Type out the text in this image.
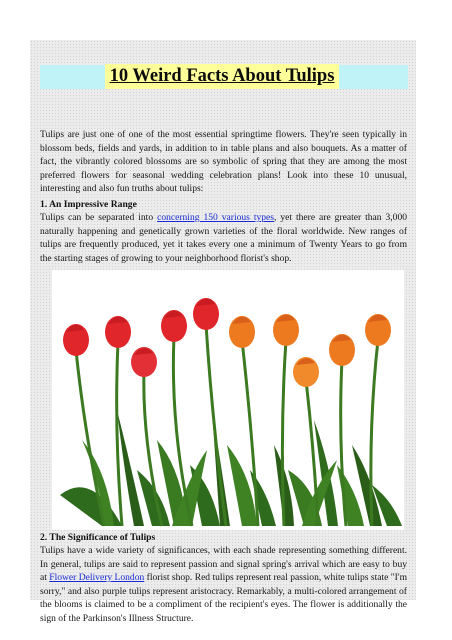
10 Weird Facts About Tulips
Tulips are just one of one of the most essential springtime flowers. They're seen typically in blossom beds, fields and yards, in addition to in table plans and also bouquets. As a matter of fact, the vibrantly colored blossoms are so symbolic of spring that they are among the most preferred flowers for seasonal wedding celebration plans! Look into these 10 unusual, interesting and also fun truths about tulips:
1. An Impressive Range
Tulips can be separated into concerning 150 various types, yet there are greater than 3,000 naturally happening and genetically grown varieties of the floral worldwide. New ranges of tulips are frequently produced, yet it takes every one a minimum of Twenty Years to go from the starting stages of growing to your neighborhood florist's shop.
2. The Significance of Tulips
Tulips have a wide variety of significances, with each shade representing something different. In general, tulips are said to represent passion and signal spring's arrival which are easy to buy at Flower Delivery London florist shop. Red tulips represent real passion, white tulips state "I'm sorry," and also purple tulips represent aristocracy. Remarkably, a multi-colored arrangement of the blooms is claimed to be a compliment of the recipient's eyes. The flower is additionally the sign of the Parkinson's Illness Structure.
